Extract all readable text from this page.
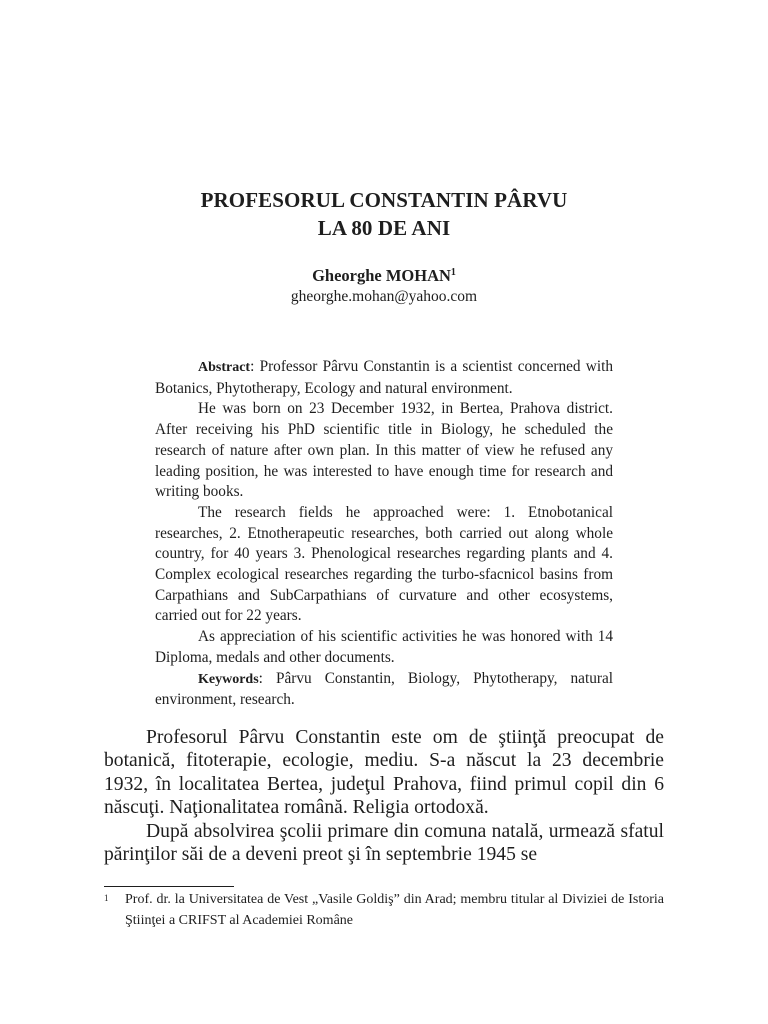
PROFESORUL CONSTANTIN PÂRVU
LA 80 DE ANI
Gheorghe MOHAN$^1$
gheorghe.mohan@yahoo.com

Abstract: Professor Pârvu Constantin is a scientist concerned with Botanics, Phytotherapy, Ecology and natural environment.

He was born on 23 December 1932, in Bertea, Prahova district. After receiving his PhD scientific title in Biology, he scheduled the research of nature after own plan. In this matter of view he refused any leading position, he was interested to have enough time for research and writing books.

The research fields he approached were: 1. Etnobotanical researches, 2. Etnotherapeutic researches, both carried out along whole country, for 40 years 3. Phenological researches regarding plants and 4. Complex ecological researches regarding the turbo-sfacnicol basins from Carpathians and SubCarpathians of curvature and other ecosystems, carried out for 22 years.

As appreciation of his scientific activities he was honored with 14 Diploma, medals and other documents.

Keywords: Pârvu Constantin, Biology, Phytotherapy, natural environment, research.

Profesorul Pârvu Constantin este om de ştiinţă preocupat de botanică, fitoterapie, ecologie, mediu. S-a născut la 23 decembrie 1932, în localitatea Bertea, judeţul Prahova, fiind primul copil din 6 născuţi. Naţionalitatea română. Religia ortodoxă.

După absolvirea şcolii primare din comuna natală, urmează sfatul părinţilor săi de a deveni preot şi în septembrie 1945 se

1 Prof. dr. la Universitatea de Vest „Vasile Goldiş” din Arad; membru titular al Diviziei de Istoria Ştiinţei a CRIFST al Academiei Române
